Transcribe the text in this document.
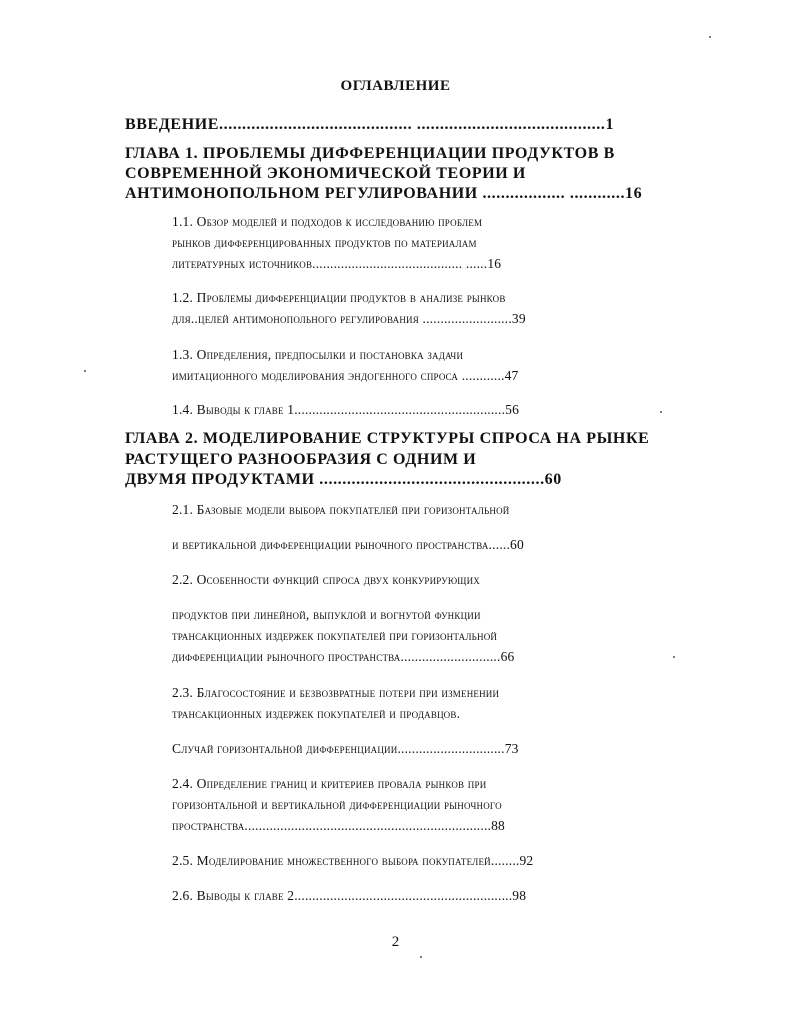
ОГЛАВЛЕНИЕ
ВВЕДЕНИЕ.......................................... .........................................1
ГЛАВА 1. ПРОБЛЕМЫ ДИФФЕРЕНЦИАЦИИ ПРОДУКТОВ В
СОВРЕМЕННОЙ ЭКОНОМИЧЕСКОЙ ТЕОРИИ И
АНТИМОНОПОЛЬНОМ РЕГУЛИРОВАНИИ .................. ............16
1.1. Обзор моделей и подходов к исследованию проблем
рынков дифференцированных продуктов по материалам
литературных источников.......................................... ......16
1.2. Проблемы дифференциации продуктов в анализе рынков
для..целей антимонопольного регулирования .........................39
1.3. Определения, предпосылки и постановка задачи
имитационного моделирования эндогенного спроса ............47
1.4. Выводы к главе 1...........................................................56
ГЛАВА 2. МОДЕЛИРОВАНИЕ СТРУКТУРЫ СПРОСА НА РЫНКЕ
РАСТУЩЕГО РАЗНООБРАЗИЯ С ОДНИМ И
ДВУМЯ ПРОДУКТАМИ .................................................60
2.1. Базовые модели выбора покупателей при горизонтальной
и вертикальной дифференциации рыночного пространства......60
2.2. Особенности функций спроса двух конкурирующих
продуктов при линейной, выпуклой и вогнутой функции
трансакционных издержек покупателей при горизонтальной
дифференциации рыночного пространства............................66
2.3. Благосостояние и безвозвратные потери при изменении
трансакционных издержек покупателей и продавцов.
Случай горизонтальной дифференциации..............................73
2.4. Определение границ и критериев провала рынков при
горизонтальной и вертикальной дифференциации рыночного
пространства.....................................................................88
2.5. Моделирование множественного выбора покупателей........92
2.6. Выводы к главе 2.............................................................98
2
